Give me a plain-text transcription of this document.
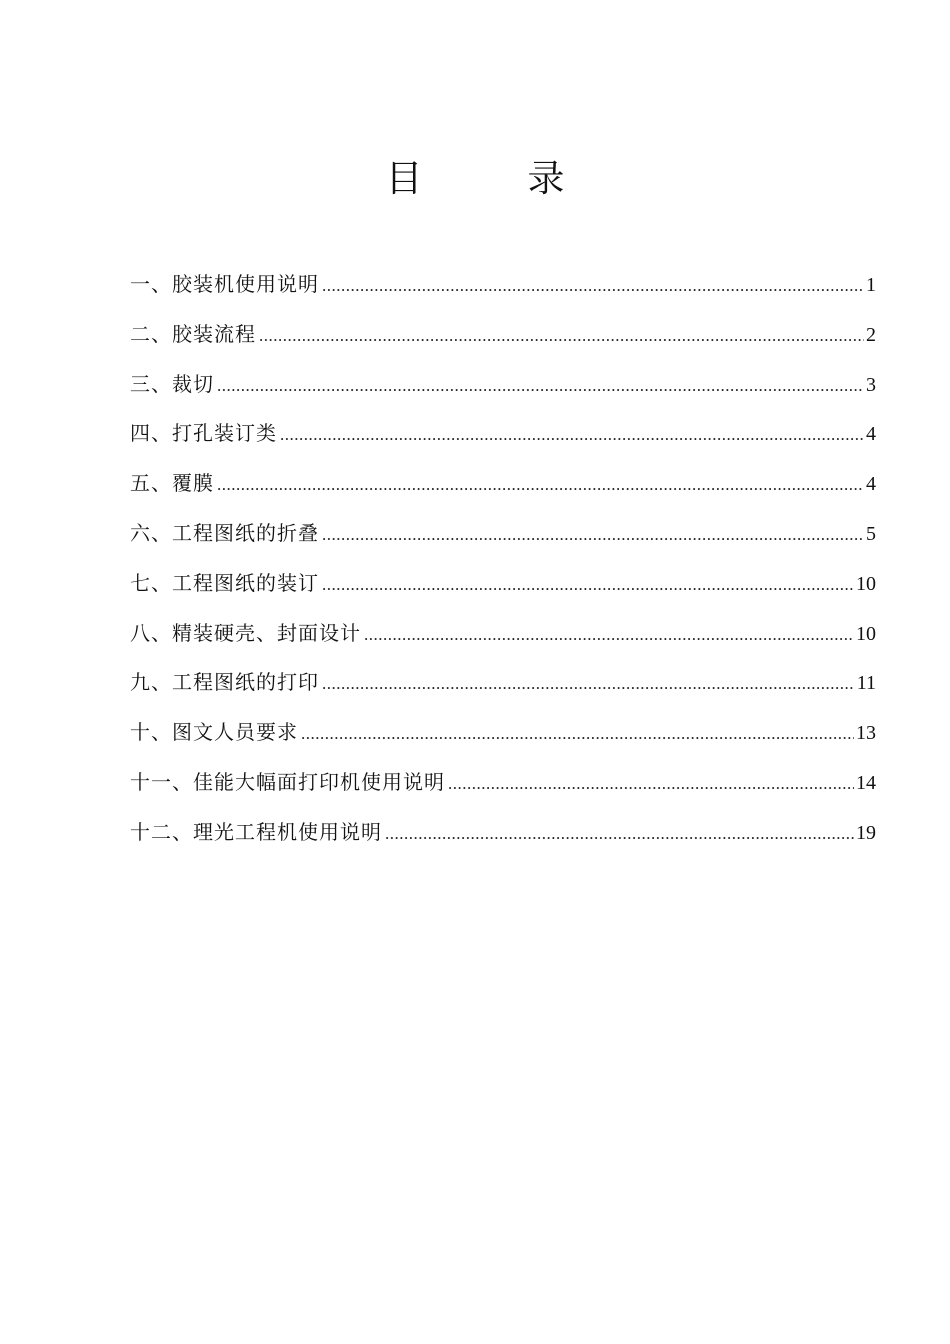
目　录
一、胶装机使用说明 .....	1
二、胶装流程 .....	2
三、裁切 .....	3
四、打孔装订类 .....	4
五、覆膜 .....	4
六、工程图纸的折叠 .....	5
七、工程图纸的装订 .....	10
八、精装硬壳、封面设计 .....	10
九、工程图纸的打印 .....	11
十、图文人员要求 .....	13
十一、佳能大幅面打印机使用说明 .....	14
十二、理光工程机使用说明 .....	19
